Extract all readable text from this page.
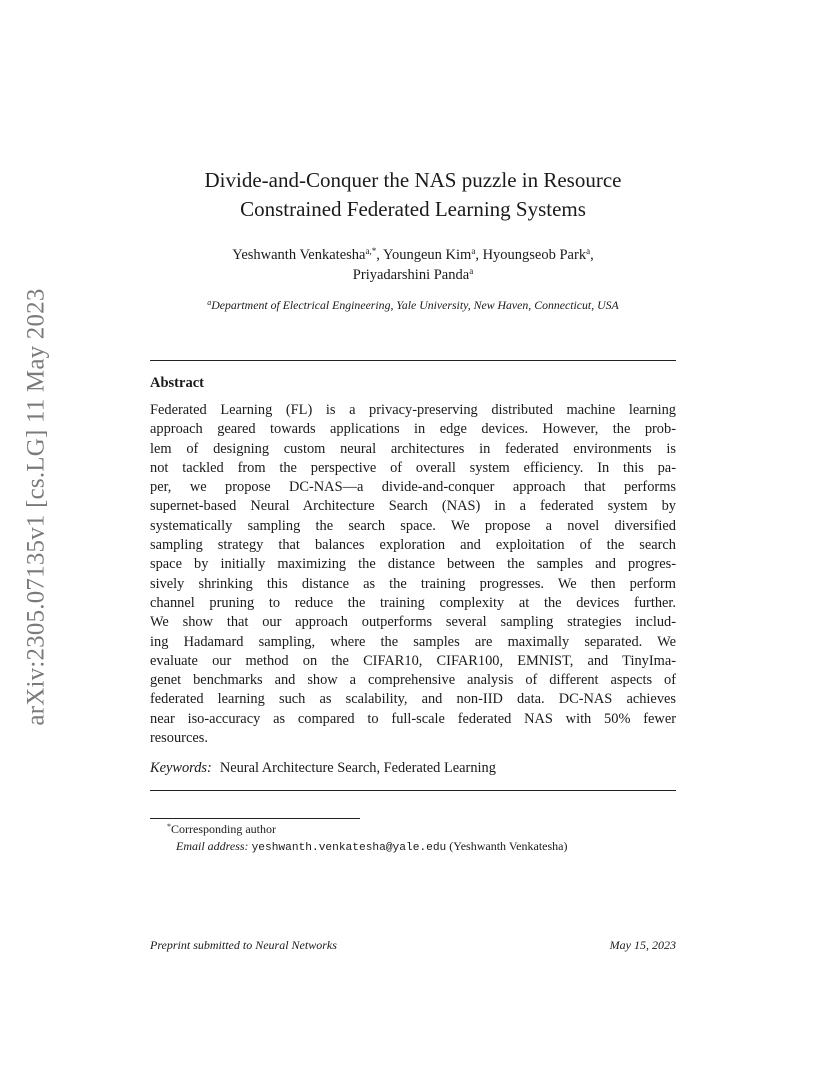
arXiv:2305.07135v1 [cs.LG] 11 May 2023
Divide-and-Conquer the NAS puzzle in Resource
Constrained Federated Learning Systems
Yeshwanth Venkatesha$^{a,*}$, Youngeun Kim$^a$, Hyoungseob Park$^a$,
Priyadarshini Panda$^a$
$^a$Department of Electrical Engineering, Yale University, New Haven, Connecticut, USA
Abstract
Federated Learning (FL) is a privacy-preserving distributed machine learning
approach geared towards applications in edge devices. However, the prob-
lem of designing custom neural architectures in federated environments is
not tackled from the perspective of overall system efficiency. In this pa-
per, we propose DC-NAS—a divide-and-conquer approach that performs
supernet-based Neural Architecture Search (NAS) in a federated system by
systematically sampling the search space. We propose a novel diversified
sampling strategy that balances exploration and exploitation of the search
space by initially maximizing the distance between the samples and progres-
sively shrinking this distance as the training progresses. We then perform
channel pruning to reduce the training complexity at the devices further.
We show that our approach outperforms several sampling strategies includ-
ing Hadamard sampling, where the samples are maximally separated. We
evaluate our method on the CIFAR10, CIFAR100, EMNIST, and TinyIma-
genet benchmarks and show a comprehensive analysis of different aspects of
federated learning such as scalability, and non-IID data. DC-NAS achieves
near iso-accuracy as compared to full-scale federated NAS with 50% fewer
resources.
Keywords: Neural Architecture Search, Federated Learning
*Corresponding author
Email address: yeshwanth.venkatesha@yale.edu (Yeshwanth Venkatesha)
Preprint submitted to Neural Networks	May 15, 2023
